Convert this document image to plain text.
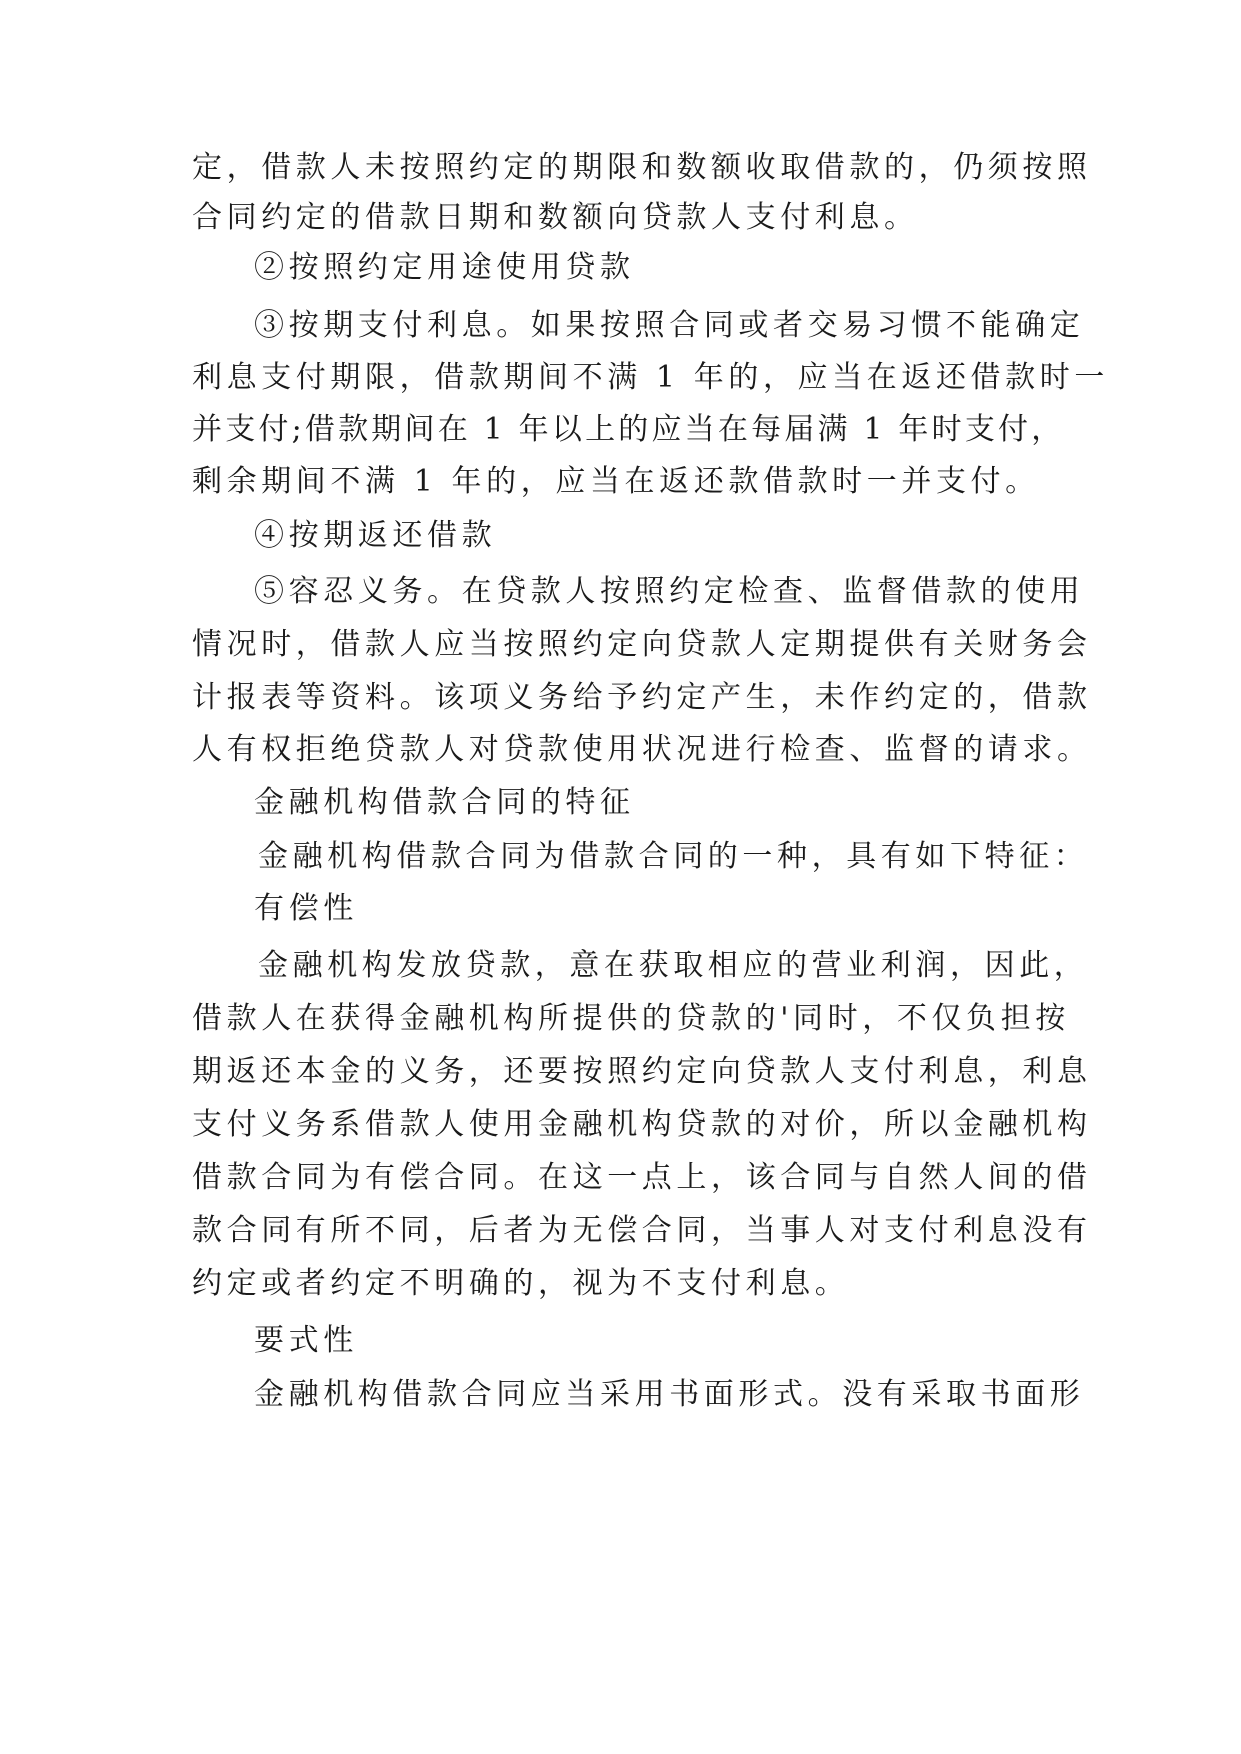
定，借款人未按照约定的期限和数额收取借款的，仍须按照
合同约定的借款日期和数额向贷款人支付利息。
②按照约定用途使用贷款
③按期支付利息。如果按照合同或者交易习惯不能确定
利息支付期限，借款期间不满 1 年的，应当在返还借款时一
并支付;借款期间在 1 年以上的应当在每届满 1 年时支付，
剩余期间不满 1 年的，应当在返还款借款时一并支付。
④按期返还借款
⑤容忍义务。在贷款人按照约定检查、监督借款的使用
情况时，借款人应当按照约定向贷款人定期提供有关财务会
计报表等资料。该项义务给予约定产生，未作约定的，借款
人有权拒绝贷款人对贷款使用状况进行检查、监督的请求。
金融机构借款合同的特征
金融机构借款合同为借款合同的一种，具有如下特征：
有偿性
金融机构发放贷款，意在获取相应的营业利润，因此，
借款人在获得金融机构所提供的贷款的'同时，不仅负担按
期返还本金的义务，还要按照约定向贷款人支付利息，利息
支付义务系借款人使用金融机构贷款的对价，所以金融机构
借款合同为有偿合同。在这一点上，该合同与自然人间的借
款合同有所不同，后者为无偿合同，当事人对支付利息没有
约定或者约定不明确的，视为不支付利息。
要式性
金融机构借款合同应当采用书面形式。没有采取书面形
